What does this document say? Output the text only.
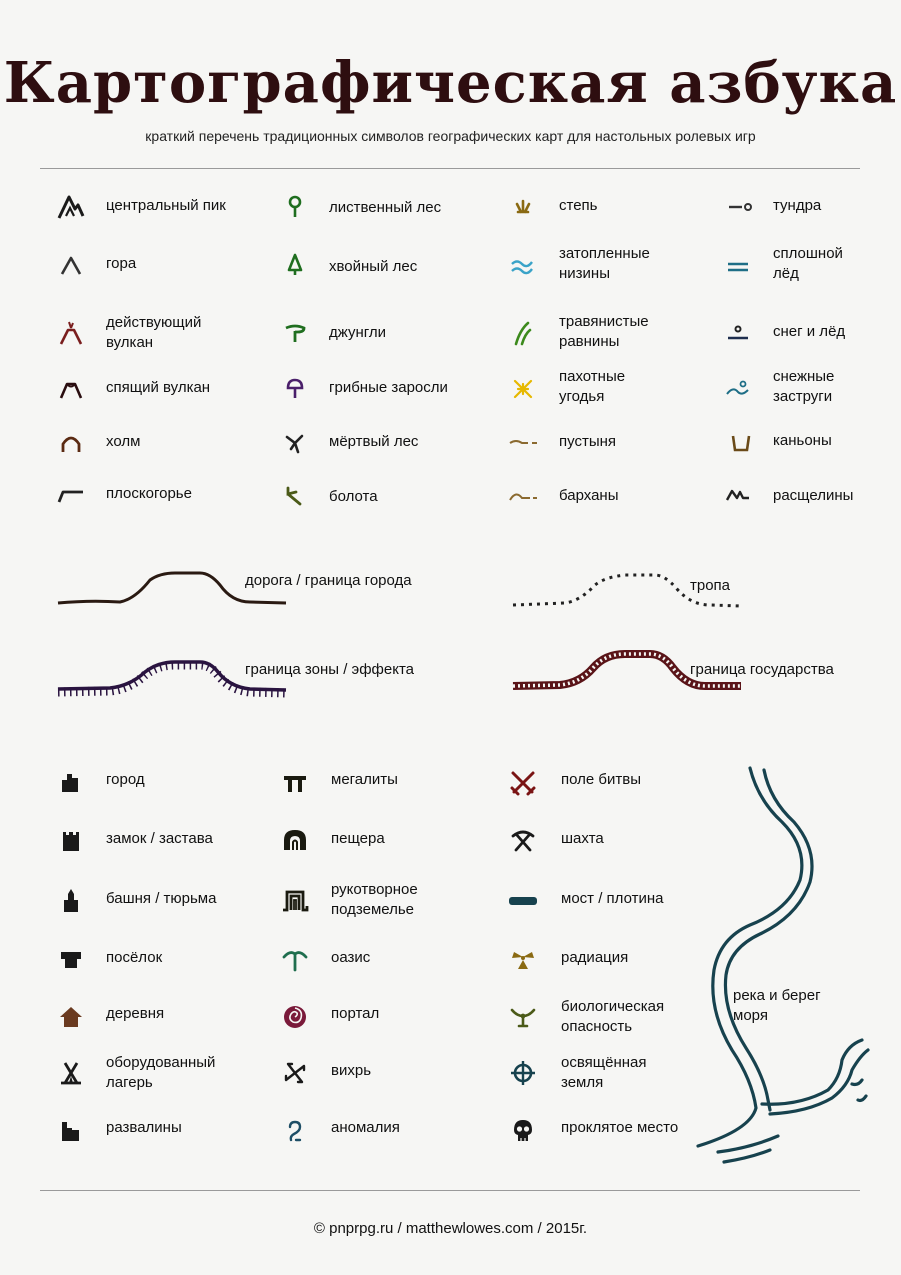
Картографическая азбука
краткий перечень традиционных символов географических карт для настольных ролевых игр
центральный пик
гора
действующий
вулкан
спящий вулкан
холм
плоскогорье
лиственный лес
хвойный лес
джунгли
грибные заросли
мёртвый лес
болота
степь
затопленные
низины
травянистые
равнины
пахотные
угодья
пустыня
барханы
тундра
сплошной
лёд
снег и лёд
снежные
заструги
каньоны
расщелины
дорога / граница города	тропа
граница зоны / эффекта	граница государства
город
замок / застава
башня / тюрьма
посёлок
деревня
оборудованный
лагерь
развалины
мегалиты
пещера
рукотворное
подземелье
оазис
портал
вихрь
аномалия
поле битвы
шахта
мост / плотина
радиация
биологическая
опасность
освящённая
земля
проклятое место
река и берег
моря
© pnprpg.ru / matthewlowes.com / 2015г.
